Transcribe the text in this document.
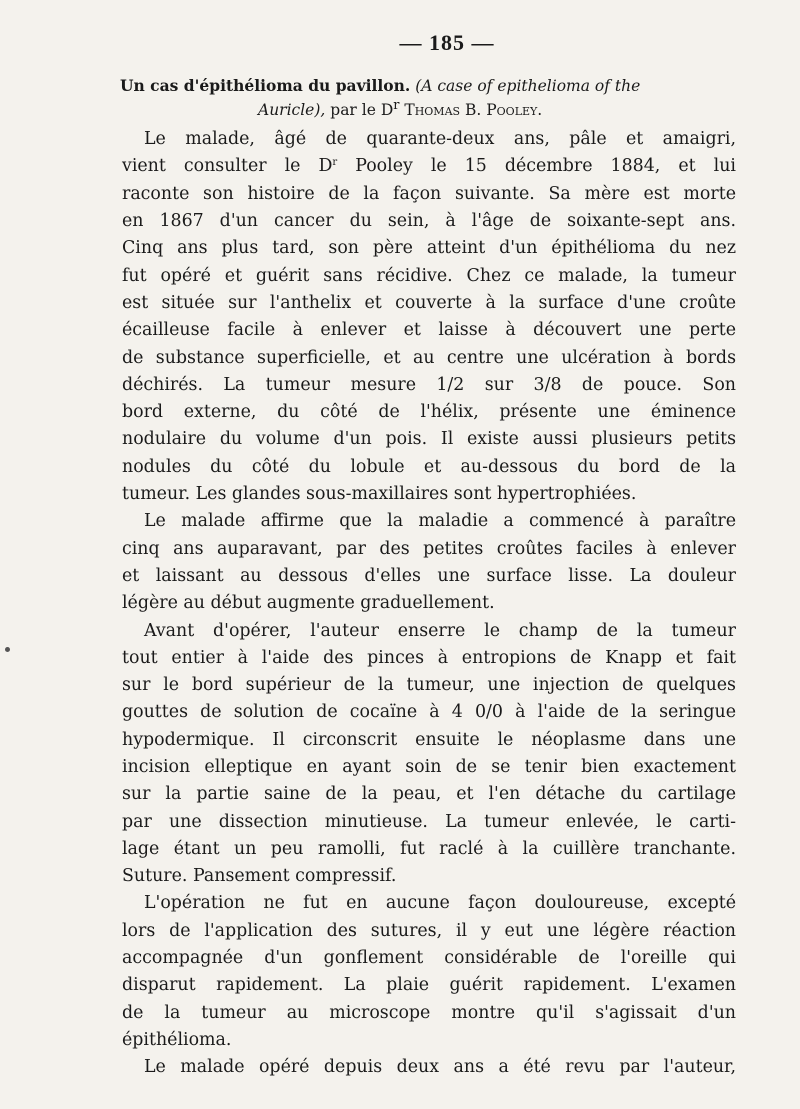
— 185 —
Un cas d'épithélioma du pavillon. (A case of epithelioma of the
Auricle), par le $D^r$ Thomas B. Pooley.

Le malade, âgé de quarante-deux ans, pâle et amaigri,
vient consulter le $D^r$ Pooley le 15 décembre 1884, et lui
raconte son histoire de la façon suivante. Sa mère est morte
en 1867 d'un cancer du sein, à l'âge de soixante-sept ans.
Cinq ans plus tard, son père atteint d'un épithélioma du nez
fut opéré et guérit sans récidive. Chez ce malade, la tumeur
est située sur l'anthelix et couverte à la surface d'une croûte
écailleuse facile à enlever et laisse à découvert une perte
de substance superficielle, et au centre une ulcération à bords
déchirés. La tumeur mesure 1/2 sur 3/8 de pouce. Son
bord externe, du côté de l'hélix, présente une éminence
nodulaire du volume d'un pois. Il existe aussi plusieurs petits
nodules du côté du lobule et au-dessous du bord de la
tumeur. Les glandes sous-maxillaires sont hypertrophiées.

Le malade affirme que la maladie a commencé à paraître
cinq ans auparavant, par des petites croûtes faciles à enlever
et laissant au dessous d'elles une surface lisse. La douleur
légère au début augmente graduellement.

Avant d'opérer, l'auteur enserre le champ de la tumeur
tout entier à l'aide des pinces à entropions de Knapp et fait
sur le bord supérieur de la tumeur, une injection de quelques
gouttes de solution de cocaïne à 4 0/0 à l'aide de la seringue
hypodermique. Il circonscrit ensuite le néoplasme dans une
incision elleptique en ayant soin de se tenir bien exactement
sur la partie saine de la peau, et l'en détache du cartilage
par une dissection minutieuse. La tumeur enlevée, le carti-
lage étant un peu ramolli, fut raclé à la cuillère tranchante.
Suture. Pansement compressif.

L'opération ne fut en aucune façon douloureuse, excepté
lors de l'application des sutures, il y eut une légère réaction
accompagnée d'un gonflement considérable de l'oreille qui
disparut rapidement. La plaie guérit rapidement. L'examen
de la tumeur au microscope montre qu'il s'agissait d'un
épithélioma.

Le malade opéré depuis deux ans a été revu par l'auteur,
